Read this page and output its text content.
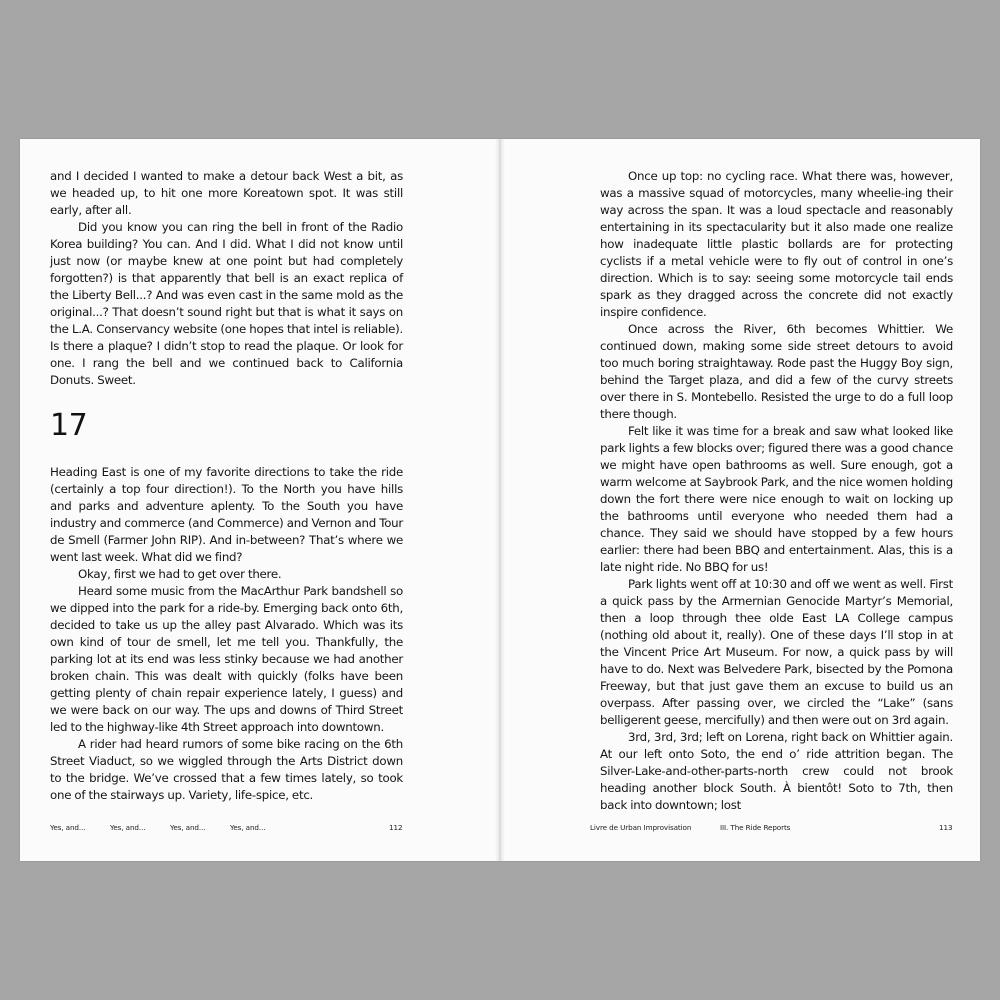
and I decided I wanted to make a detour back West a bit, as we headed up, to hit one more Koreatown spot. It was still early, after all.

Did you know you can ring the bell in front of the Radio Korea building? You can. And I did. What I did not know until just now (or maybe knew at one point but had completely forgotten?) is that apparently that bell is an exact replica of the Liberty Bell...? And was even cast in the same mold as the original...? That doesn’t sound right but that is what it says on the L.A. Conservancy website (one hopes that intel is reliable). Is there a plaque? I didn’t stop to read the plaque. Or look for one. I rang the bell and we continued back to California Donuts. Sweet.

17

Heading East is one of my favorite directions to take the ride (certainly a top four direction!). To the North you have hills and parks and adventure aplenty. To the South you have industry and commerce (and Commerce) and Vernon and Tour de Smell (Farmer John RIP). And in-between? That’s where we went last week. What did we find?

Okay, first we had to get over there.

Heard some music from the MacArthur Park bandshell so we dipped into the park for a ride-by. Emerging back onto 6th, decided to take us up the alley past Alvarado. Which was its own kind of tour de smell, let me tell you. Thankfully, the parking lot at its end was less stinky because we had another broken chain. This was dealt with quickly (folks have been getting plenty of chain repair experience lately, I guess) and we were back on our way. The ups and downs of Third Street led to the highway-like 4th Street approach into downtown.

A rider had heard rumors of some bike racing on the 6th Street Viaduct, so we wiggled through the Arts District down to the bridge. We’ve crossed that a few times lately, so took one of the stairways up. Variety, life-spice, etc.

Yes, and...	Yes, and...	Yes, and...	Yes, and...	112

Once up top: no cycling race. What there was, however, was a massive squad of motorcycles, many wheelie-ing their way across the span. It was a loud spectacle and reasonably entertaining in its spectacularity but it also made one realize how inadequate little plastic bollards are for protecting cyclists if a metal vehicle were to fly out of control in one’s direction. Which is to say: seeing some motorcycle tail ends spark as they dragged across the concrete did not exactly inspire confidence.

Once across the River, 6th becomes Whittier. We continued down, making some side street detours to avoid too much boring straightaway. Rode past the Huggy Boy sign, behind the Target plaza, and did a few of the curvy streets over there in S. Montebello. Resisted the urge to do a full loop there though.

Felt like it was time for a break and saw what looked like park lights a few blocks over; figured there was a good chance we might have open bathrooms as well. Sure enough, got a warm welcome at Saybrook Park, and the nice women holding down the fort there were nice enough to wait on locking up the bathrooms until everyone who needed them had a chance. They said we should have stopped by a few hours earlier: there had been BBQ and entertainment. Alas, this is a late night ride. No BBQ for us!

Park lights went off at 10:30 and off we went as well. First a quick pass by the Armernian Genocide Martyr’s Memorial, then a loop through thee olde East LA College campus (nothing old about it, really). One of these days I’ll stop in at the Vincent Price Art Museum. For now, a quick pass by will have to do. Next was Belvedere Park, bisected by the Pomona Freeway, but that just gave them an excuse to build us an overpass. After passing over, we circled the “Lake” (sans belligerent geese, mercifully) and then were out on 3rd again.

3rd, 3rd, 3rd; left on Lorena, right back on Whittier again. At our left onto Soto, the end o’ ride attrition began. The Silver-Lake-and-other-parts-north crew could not brook heading another block South. À bientôt! Soto to 7th, then back into downtown; lost

Livre de Urban Improvisation	III. The Ride Reports	113
